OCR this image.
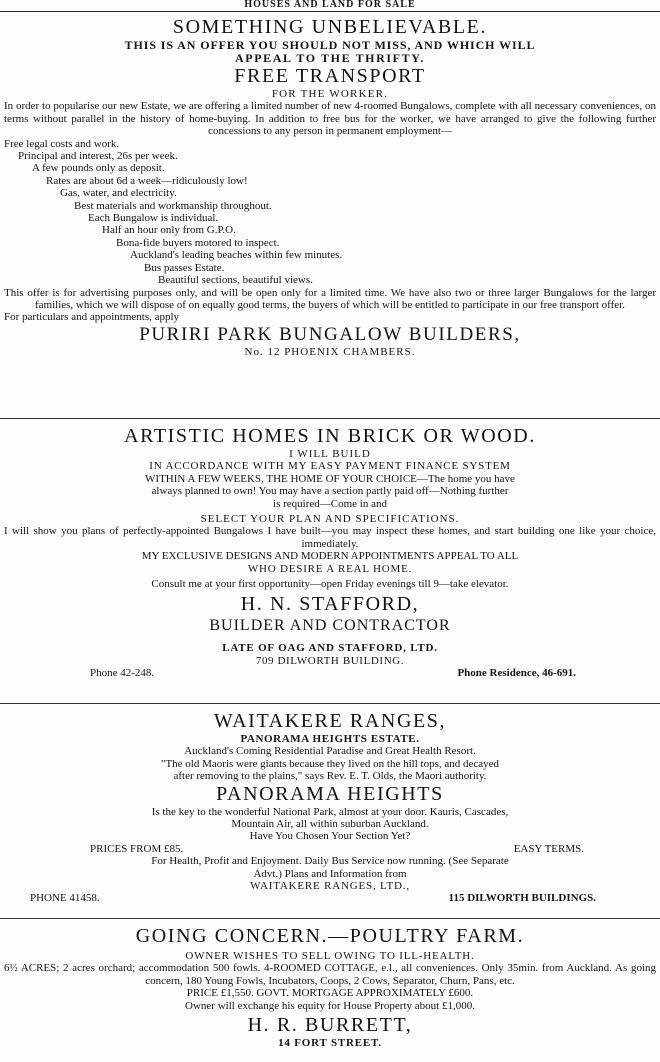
HOUSES AND LAND FOR SALE
SOMETHING UNBELIEVABLE.
THIS IS AN OFFER YOU SHOULD NOT MISS, AND WHICH WILL
APPEAL TO THE THRIFTY.
FREE TRANSPORT
FOR THE WORKER.
In order to popularise our new Estate, we are offering a limited number of new 4-roomed Bungalows, complete with all necessary conveniences, on terms without parallel in the history of home-buying. In addition to free bus for the worker, we have arranged to give the following further concessions to any person in permanent employment—
Free legal costs and work.
Principal and interest, 26s per week.
A few pounds only as deposit.
Rates are about 6d a week—ridiculously low!
Gas, water, and electricity.
Best materials and workmanship throughout.
Each Bungalow is individual.
Half an hour only from G.P.O.
Bona-fide buyers motored to inspect.
Auckland's leading beaches within few minutes.
Bus passes Estate.
Beautiful sections, beautiful views.
This offer is for advertising purposes only, and will be open only for a limited time. We have also two or three larger Bungalows for the larger families, which we will dispose of on equally good terms, the buyers of which will be entitled to participate in our free transport offer.
For particulars and appointments, apply
PURIRI PARK BUNGALOW BUILDERS,
No. 12 PHOENIX CHAMBERS.
ARTISTIC HOMES IN BRICK OR WOOD.
I WILL BUILD
IN ACCORDANCE WITH MY EASY PAYMENT FINANCE SYSTEM
WITHIN A FEW WEEKS, THE HOME OF YOUR CHOICE—The home you have
always planned to own! You may have a section partly paid off—Nothing further
is required—Come in and
SELECT YOUR PLAN AND SPECIFICATIONS.
I will show you plans of perfectly-appointed Bungalows I have built—you may inspect these homes, and start building one like your choice, immediately.
MY EXCLUSIVE DESIGNS AND MODERN APPOINTMENTS APPEAL TO ALL
WHO DESIRE A REAL HOME.
Consult me at your first opportunity—open Friday evenings till 9—take elevator.
H. N. STAFFORD,
BUILDER AND CONTRACTOR
LATE OF OAG AND STAFFORD, LTD.
709 DILWORTH BUILDING.
Phone 42-248.	Phone Residence, 46-691.
WAITAKERE RANGES,
PANORAMA HEIGHTS ESTATE.
Auckland's Coming Residential Paradise and Great Health Resort.
"The old Maoris were giants because they lived on the hill tops, and decayed
after removing to the plains," says Rev. E. T. Olds, the Maori authority.
PANORAMA HEIGHTS
Is the key to the wonderful National Park, almost at your door. Kauris, Cascades,
Mountain Air, all within suburban Auckland.
Have You Chosen Your Section Yet?
PRICES FROM £85.	EASY TERMS.
For Health, Profit and Enjoyment. Daily Bus Service now running. (See Separate
Advt.) Plans and Information from
WAITAKERE RANGES, LTD.,
PHONE 41458.	115 DILWORTH BUILDINGS.
GOING CONCERN.—POULTRY FARM.
OWNER WISHES TO SELL OWING TO ILL-HEALTH.
6½ ACRES; 2 acres orchard; accommodation 500 fowls. 4-ROOMED COTTAGE, e.l., all conveniences. Only 35min. from Auckland. As going concern, 180 Young Fowls, Incubators, Coops, 2 Cows, Separator, Churn, Pans, etc.
PRICE £1,550. GOVT. MORTGAGE APPROXIMATELY £600.
Owner will exchange his equity for House Property about £1,000.
H. R. BURRETT,
14 FORT STREET.
